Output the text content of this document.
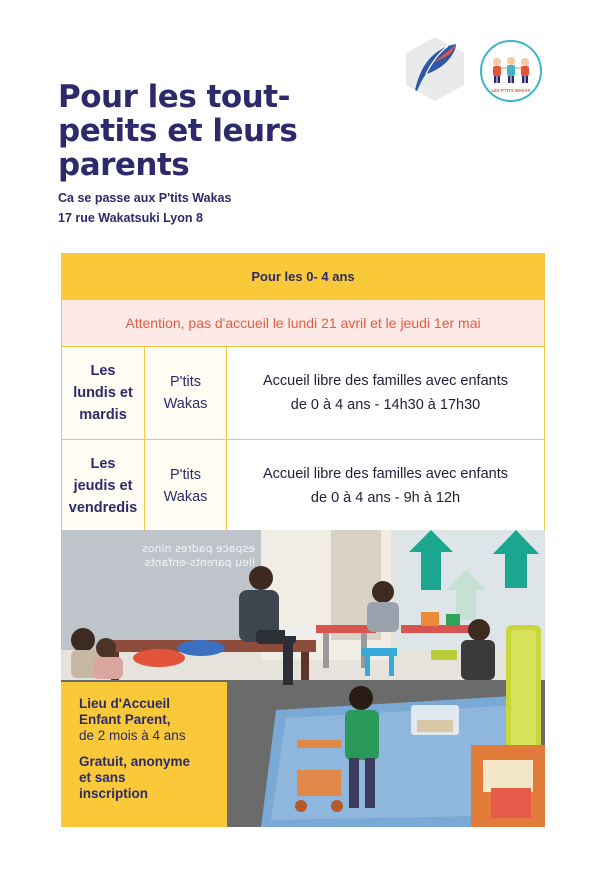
Pour les tout-petits et leurs parents
Ca se passe aux P'tits Wakas
17 rue Wakatsuki Lyon 8
LES P'TITS WAKAS
Pour les 0- 4 ans
Attention, pas d'accueil le lundi 21 avril et le jeudi 1er mai
Les
lundis et
mardis
P'tits
Wakas
Accueil libre des familles avec enfants
de 0 à 4 ans - 14h30 à 17h30
Les
jeudis et
vendredis
P'tits
Wakas
Accueil libre des familles avec enfants
de 0 à 4 ans - 9h à 12h
espace padres ninos
lieu parents-enfants
Lieu d'Accueil
Enfant Parent,
de 2 mois à 4 ans
Gratuit, anonyme
et sans
inscription
